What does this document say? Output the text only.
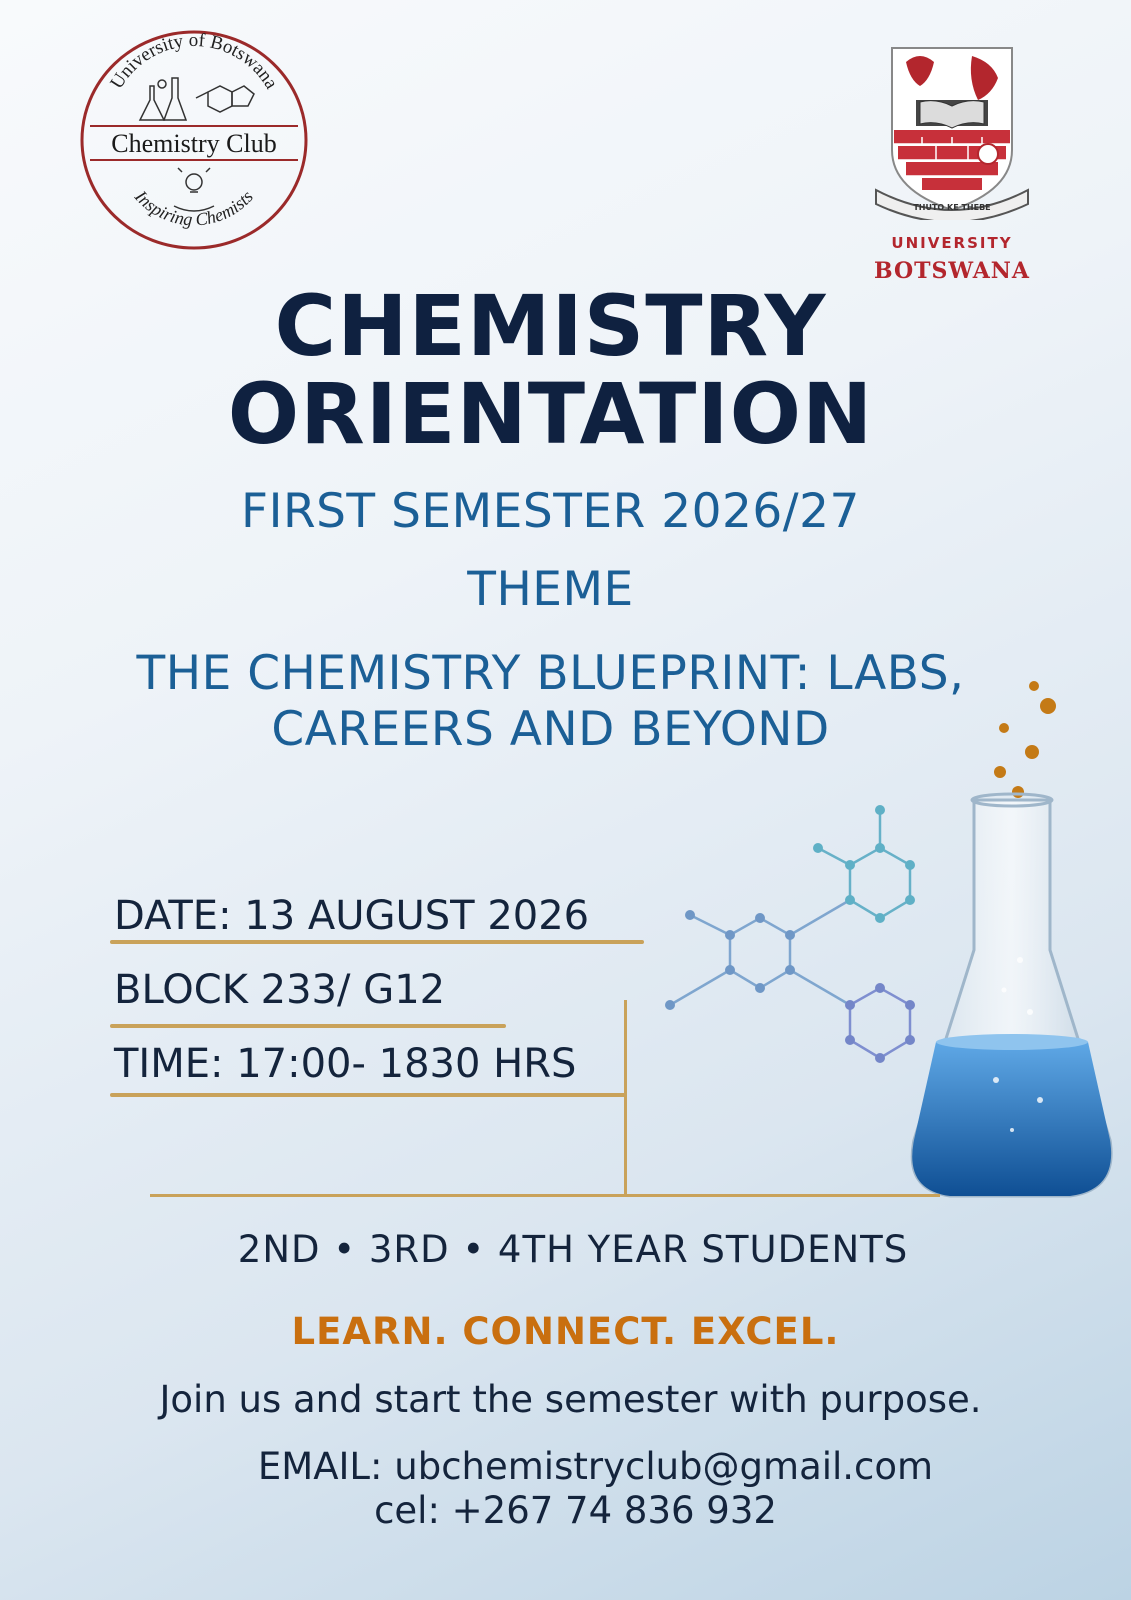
University of Botswana
Inspiring Chemists
Chemistry Club
THUTO KE THEBE
UNIVERSITY
BOTSWANA
CHEMISTRY
ORIENTATION
FIRST SEMESTER 2026/27
THEME
THE CHEMISTRY BLUEPRINT: LABS,
CAREERS AND BEYOND
DATE: 13 AUGUST 2026
BLOCK 233/ G12
TIME: 17:00- 1830 HRS
2ND • 3RD • 4TH YEAR STUDENTS
LEARN. CONNECT. EXCEL.
Join us and start the semester with purpose.
EMAIL: ubchemistryclub@gmail.com
cel: +267 74 836 932
